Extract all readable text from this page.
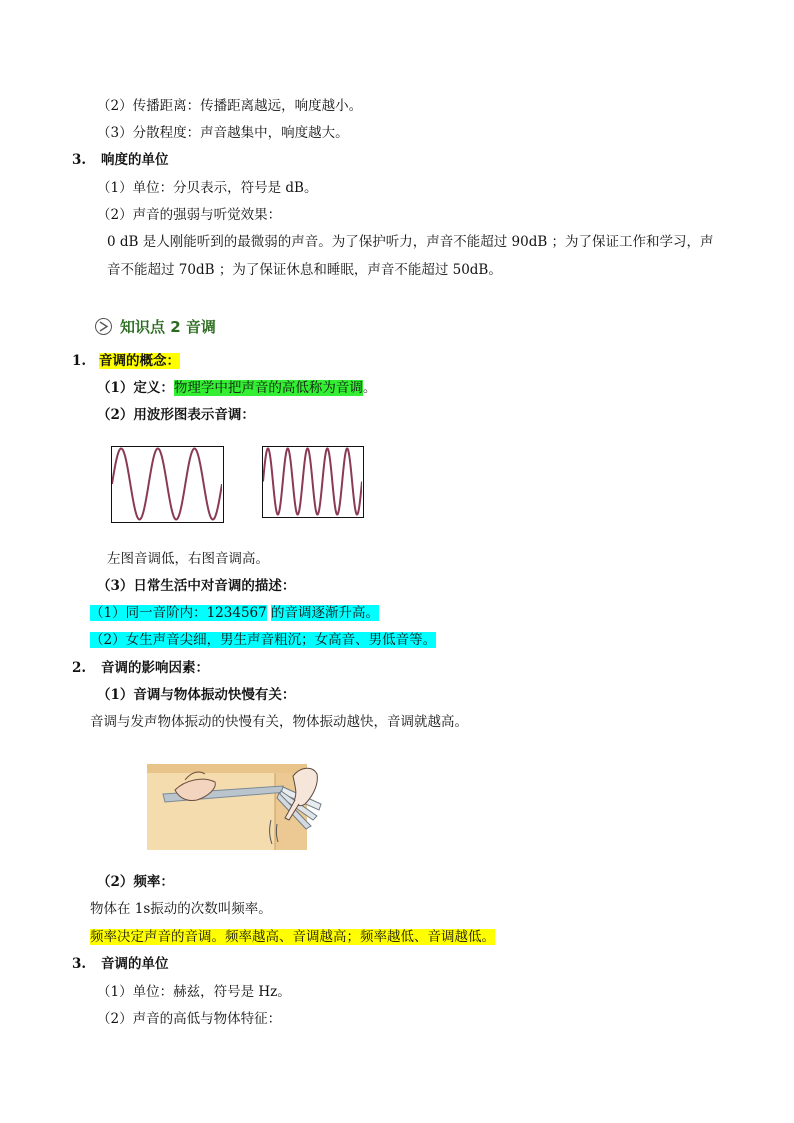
（2）传播距离：传播距离越远，响度越小。
（3）分散程度：声音越集中，响度越大。
3. 响度的单位
（1）单位：分贝表示，符号是 dB。
（2）声音的强弱与听觉效果：
0 dB 是人刚能听到的最微弱的声音。为了保护听力，声音不能超过 90dB ；为了保证工作和学习，声
音不能超过 70dB ；为了保证休息和睡眠，声音不能超过 50dB。
知识点 2 音调
1. 音调的概念：
（1）定义：物理学中把声音的高低称为音调。
（2）用波形图表示音调：
左图音调低，右图音调高。
（3）日常生活中对音调的描述：
（1）同一音阶内：1234567 的音调逐渐升高。
（2）女生声音尖细，男生声音粗沉；女高音、男低音等。
2. 音调的影响因素：
（1）音调与物体振动快慢有关：
音调与发声物体振动的快慢有关，物体振动越快，音调就越高。
（2）频率：
物体在 1s振动的次数叫频率。
频率决定声音的音调。频率越高、音调越高；频率越低、音调越低。
3. 音调的单位
（1）单位：赫兹，符号是 Hz。
（2）声音的高低与物体特征：
